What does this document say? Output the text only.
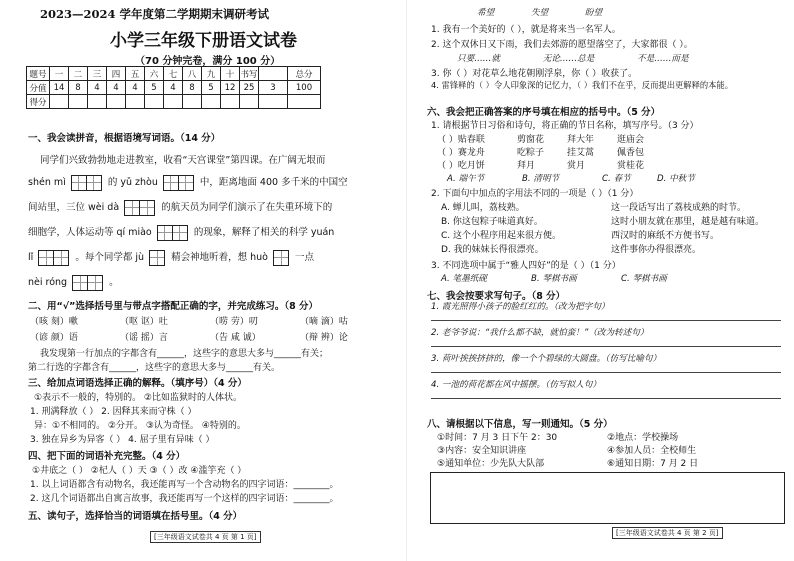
2023—2024 学年度第二学期期末调研考试
小学三年级下册语文试卷
（70 分钟完卷，满分 100 分）
题号	一	二	三	四	五	六	七	八	九	十	书写		总分
分值	14	8	4	4	4	5	4	8	5	12	25	3	100
得分													
一、我会读拼音，根据语境写词语。（14 分）
同学们兴致勃勃地走进教室，收看“天宫课堂”第四课。在广阔无垠而
shén mì	的 yǔ zhòu	中，距离地面 400 多千米的中国空
间站里，三位 wèi dà	的航天员为同学们演示了在失重环境下的
细胞学，人体运动等 qí miào	的现象，解释了相关的科学 yuán
lǐ	。每个同学都 jù	精会神地听着，想 huò	一点
nèi róng	。
二、用“√”选择括号里与带点字搭配正确的字，并完成练习。（8 分）
（咳 刻）嗽	（呕 讴）吐	（唠 劳）叨	（嘀 滴）咕
（谚 颜）语	（谣 摇）言	（告 咸 诚）	（辩 辨）论
我发现第一行加点的字都含有______，这些字的意思大多与______有关；
第二行选的字都含有______，这些字的意思大多与______有关。
三、给加点词语选择正确的解释。（填序号）（4 分）
①表示不一般的，特别的。 ②比如监狱时的人体状。
1. 刑满释放（ ） 2. 因释其来而守株（ ）
异：①不相同的。 ②分开。 ③认为奇怪。 ④特别的。
3. 独在异乡为异客（ ） 4. 屈子里有异味（ ）
四、把下面的词语补充完整。（4 分）
①井底之（ ） ②杞人（ ）天 ③（ ）改 ④滥竽充（ ）
1. 以上词语都含有动物名，我还能再写一个含动物名的四字词语：________。
2. 这几个词语都出自寓言故事，我还能再写一个这样的四字词语：________。
五、读句子，选择恰当的词语填在括号里。（4 分）
[三年级语文试卷共 4 页 第 1 页]
希望	失望	盼望
1. 我有一个美好的（ ），就是将来当一名军人。
2. 这个双休日又下雨，我们去郊游的愿望落空了，大家都很（ ）。
只要……就	无论……总是	不是……而是
3. 你（ ）对花草么地花朝刚浮泉，你（ ）收获了。
4. 雷锋释的（ ）令人印象深的记忆力，（ ）我们不在乎，反而提出更解释的本能。
六、我会把正确答案的序号填在相应的括号中。（5 分）
1. 请根据节日习俗和诗句，将正确的节日名称，填写序号。（3 分）
（ ）贴春联	剪窗花	拜大年	逛庙会
（ ）赛龙舟	吃粽子	挂艾蒿	佩香包
（ ）吃月饼	拜月	赏月	赏桂花
A. 端午节	B. 清明节	C. 春节	D. 中秋节
2. 下面句中加点的字用法不同的一项是（ ）（1 分）
A. 蝉儿叫，荔枝熟。	这一段话写出了荔枝成熟的时节。
B. 你这包粽子味道真好。	这时小朋友就在那里，越是越有味道。
C. 这个小程序用起来很方便。	西汉时的麻纸不方便书写。
D. 我的妹妹长得很漂亮。	这件事你办得很漂亮。
3. 不同选项中属于“雅人四好”的是（ ）（1 分）
A. 笔墨纸砚	B. 琴棋书画	C. 琴棋书画
七、我会按要求写句子。（8 分）
1. 霞光照得小孩子的脸红红的。（改为把字句）
2. 老爷爷说：“我什么都不缺，就怕蛮！”（改为转述句）
3. 荷叶挨挨挤挤的，像一个个碧绿的大圆盘。（仿写比喻句）
4. 一池的荷花都在风中摇摆。（仿写拟人句）
[三年级语文试卷共 4 页 第 2 页]
八、请根据以下信息，写一则通知。（5 分）
①时间：7 月 3 日下午 2：30	②地点：学校操场
③内容：安全知识讲座	④参加人员：全校师生
⑤通知单位：少先队大队部	⑥通知日期：7 月 2 日
